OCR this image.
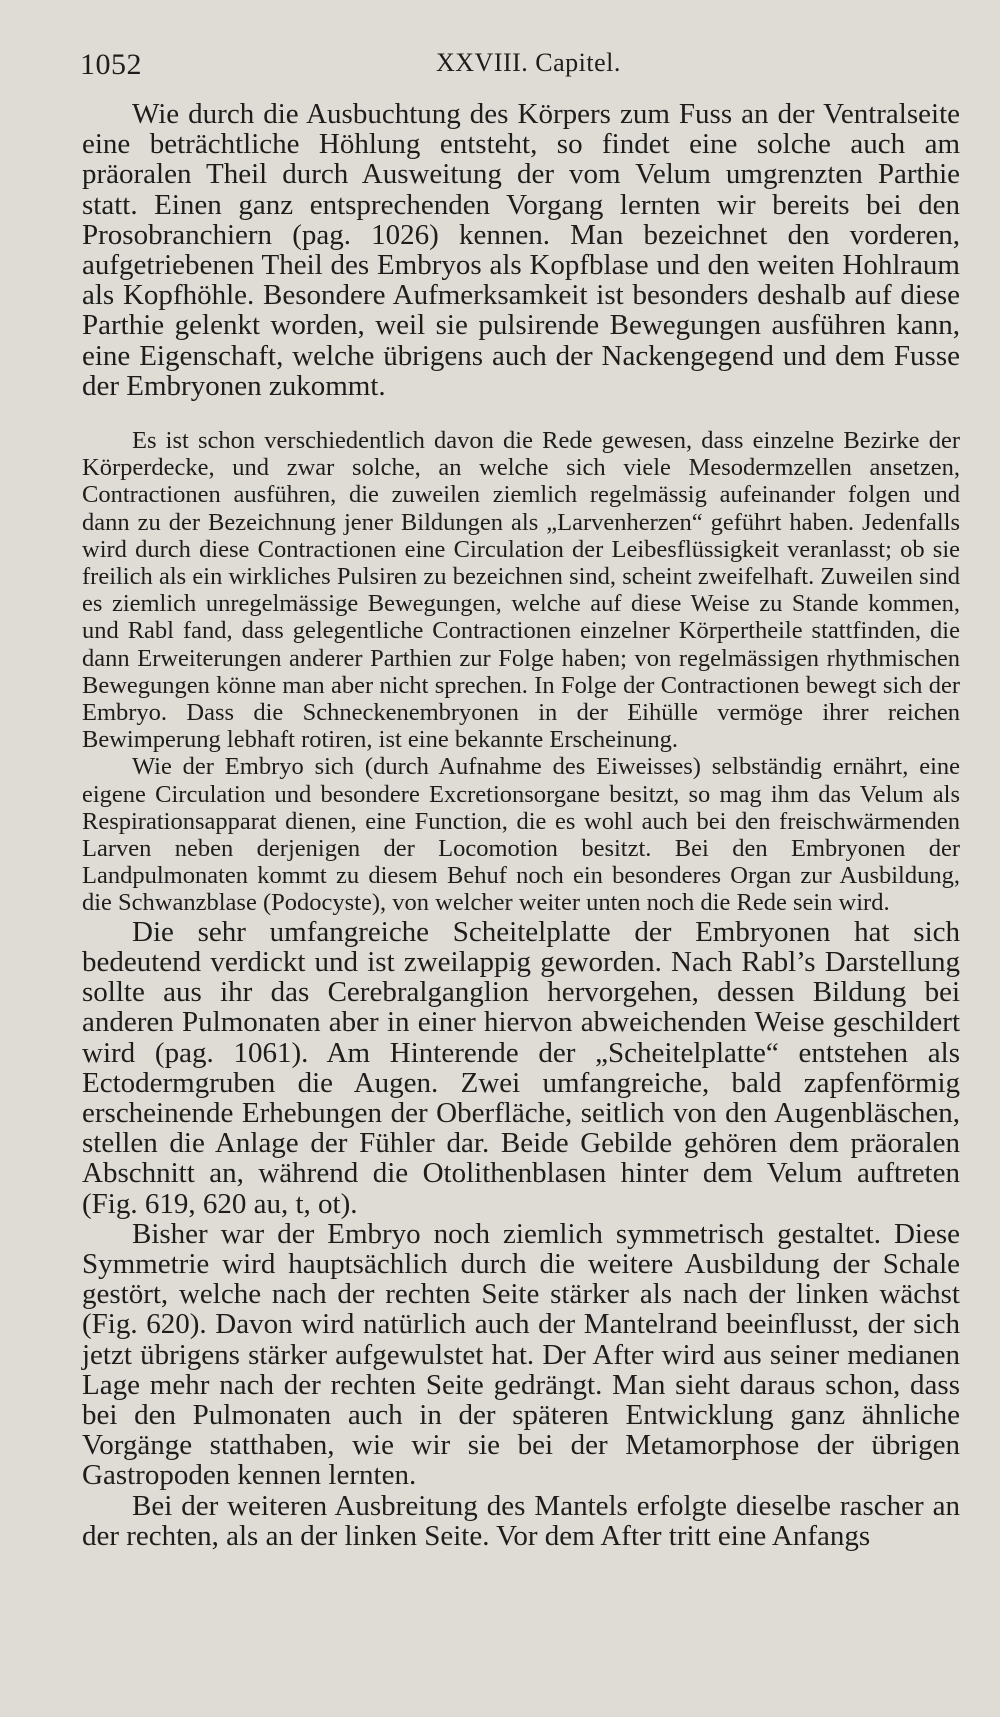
1052	XXVIII. Capitel.

Wie durch die Ausbuchtung des Körpers zum Fuss an der Ventralseite eine beträchtliche Höhlung entsteht, so findet eine solche auch am präoralen Theil durch Ausweitung der vom Velum umgrenzten Parthie statt. Einen ganz entsprechenden Vorgang lernten wir bereits bei den Prosobranchiern (pag. 1026) kennen. Man bezeichnet den vorderen, aufgetriebenen Theil des Embryos als Kopfblase und den weiten Hohlraum als Kopfhöhle. Besondere Aufmerksamkeit ist besonders deshalb auf diese Parthie gelenkt worden, weil sie pulsirende Bewegungen ausführen kann, eine Eigenschaft, welche übrigens auch der Nackengegend und dem Fusse der Embryonen zukommt.

Es ist schon verschiedentlich davon die Rede gewesen, dass einzelne Bezirke der Körperdecke, und zwar solche, an welche sich viele Mesodermzellen ansetzen, Contractionen ausführen, die zuweilen ziemlich regelmässig aufeinander folgen und dann zu der Bezeichnung jener Bildungen als „Larvenherzen“ geführt haben. Jedenfalls wird durch diese Contractionen eine Circulation der Leibesflüssigkeit veranlasst; ob sie freilich als ein wirkliches Pulsiren zu bezeichnen sind, scheint zweifelhaft. Zuweilen sind es ziemlich unregelmässige Bewegungen, welche auf diese Weise zu Stande kommen, und Rabl fand, dass gelegentliche Contractionen einzelner Körpertheile stattfinden, die dann Erweiterungen anderer Parthien zur Folge haben; von regelmässigen rhythmischen Bewegungen könne man aber nicht sprechen. In Folge der Contractionen bewegt sich der Embryo. Dass die Schneckenembryonen in der Eihülle vermöge ihrer reichen Bewimperung lebhaft rotiren, ist eine bekannte Erscheinung.

Wie der Embryo sich (durch Aufnahme des Eiweisses) selbständig ernährt, eine eigene Circulation und besondere Excretionsorgane besitzt, so mag ihm das Velum als Respirationsapparat dienen, eine Function, die es wohl auch bei den freischwärmenden Larven neben derjenigen der Locomotion besitzt. Bei den Embryonen der Landpulmonaten kommt zu diesem Behuf noch ein besonderes Organ zur Ausbildung, die Schwanzblase (Podocyste), von welcher weiter unten noch die Rede sein wird.

Die sehr umfangreiche Scheitelplatte der Embryonen hat sich bedeutend verdickt und ist zweilappig geworden. Nach Rabl’s Darstellung sollte aus ihr das Cerebralganglion hervorgehen, dessen Bildung bei anderen Pulmonaten aber in einer hiervon abweichenden Weise geschildert wird (pag. 1061). Am Hinterende der „Scheitelplatte“ entstehen als Ectodermgruben die Augen. Zwei umfangreiche, bald zapfenförmig erscheinende Erhebungen der Oberfläche, seitlich von den Augenbläschen, stellen die Anlage der Fühler dar. Beide Gebilde gehören dem präoralen Abschnitt an, während die Otolithenblasen hinter dem Velum auftreten (Fig. 619, 620 au, t, ot).

Bisher war der Embryo noch ziemlich symmetrisch gestaltet. Diese Symmetrie wird hauptsächlich durch die weitere Ausbildung der Schale gestört, welche nach der rechten Seite stärker als nach der linken wächst (Fig. 620). Davon wird natürlich auch der Mantelrand beeinflusst, der sich jetzt übrigens stärker aufgewulstet hat. Der After wird aus seiner medianen Lage mehr nach der rechten Seite gedrängt. Man sieht daraus schon, dass bei den Pulmonaten auch in der späteren Entwicklung ganz ähnliche Vorgänge statthaben, wie wir sie bei der Metamorphose der übrigen Gastropoden kennen lernten.

Bei der weiteren Ausbreitung des Mantels erfolgte dieselbe rascher an der rechten, als an der linken Seite. Vor dem After tritt eine Anfangs
